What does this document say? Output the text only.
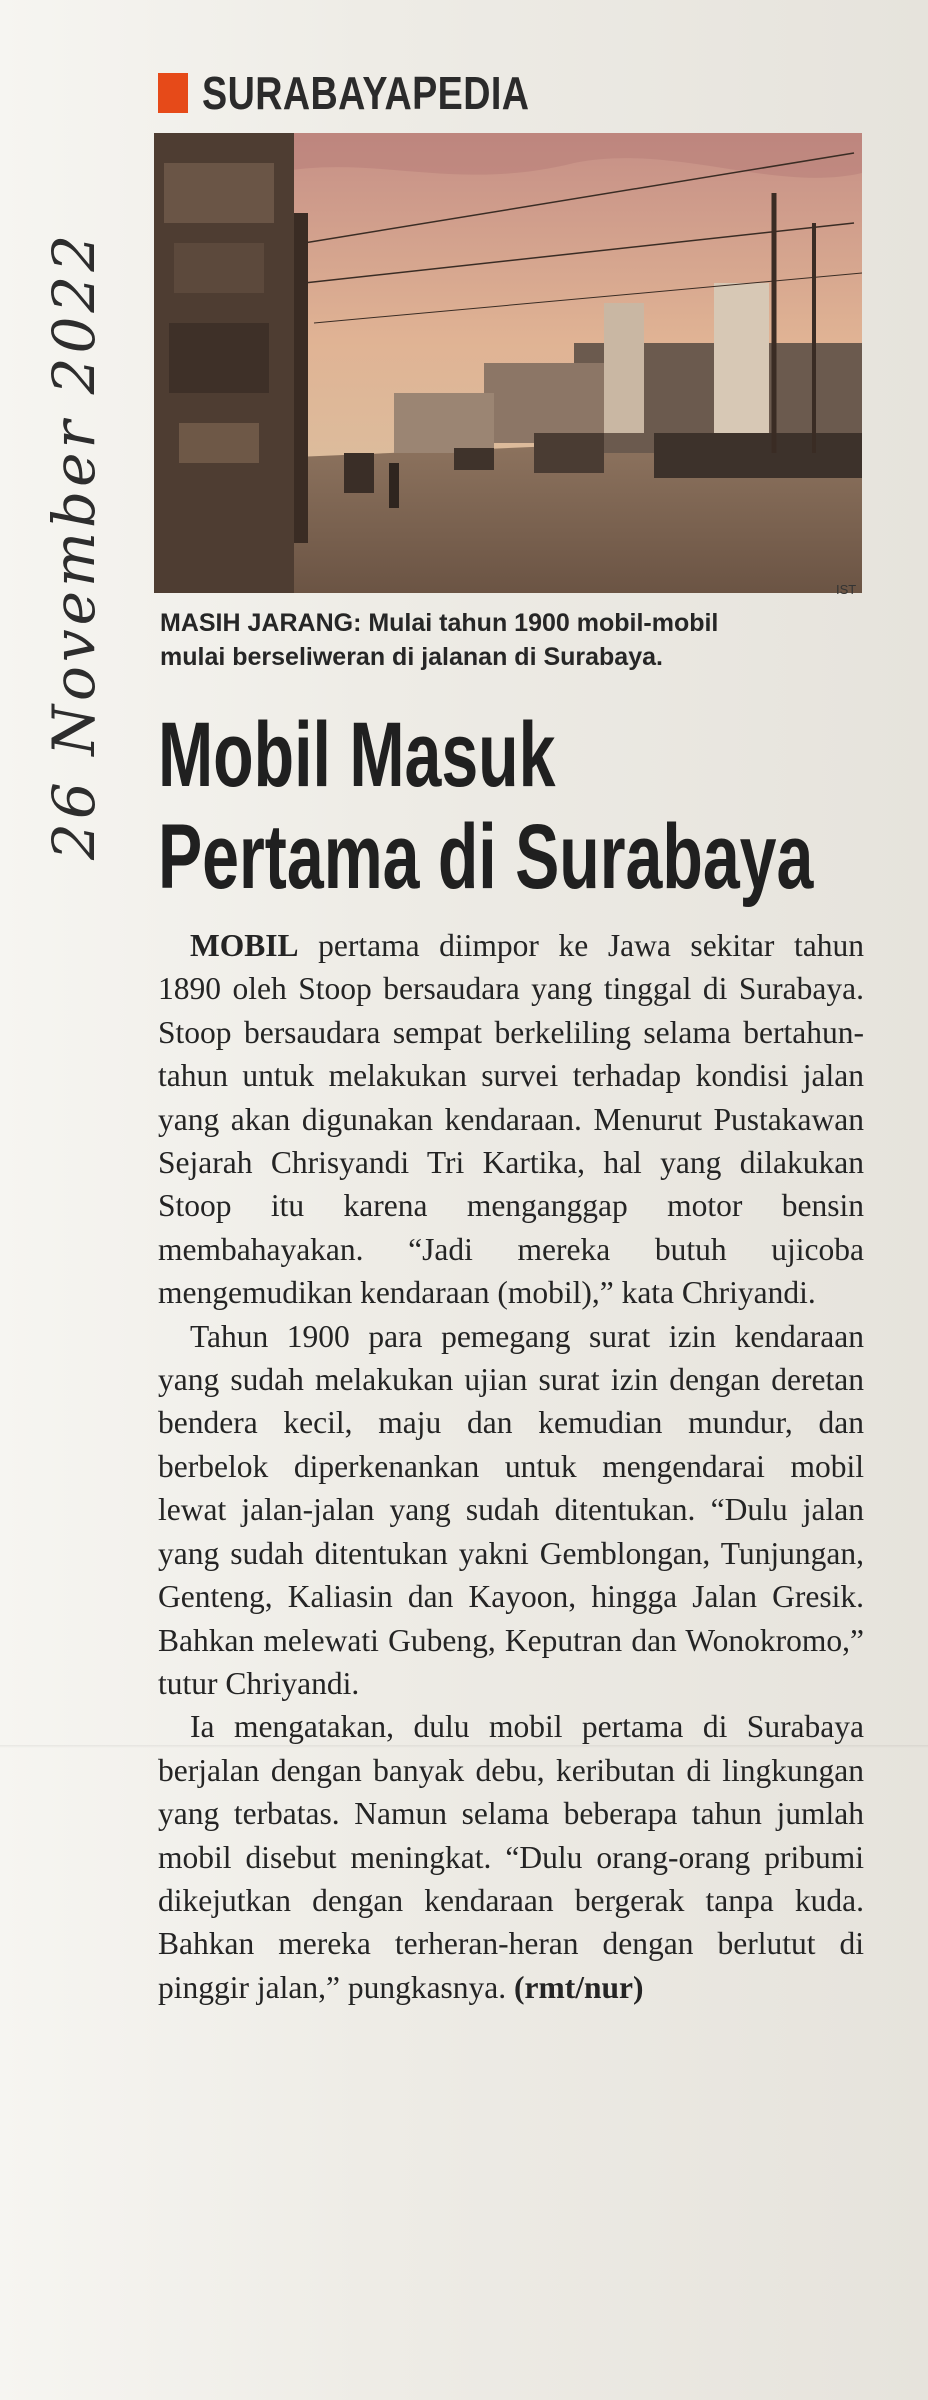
SURABAYAPEDIA
IST
MASIH JARANG: Mulai tahun 1900 mobil-mobil
mulai berseliweran di jalanan di Surabaya.
26 November 2022 Mobil Masuk
Pertama di Surabaya

MOBIL pertama diimpor ke Jawa sekitar tahun 1890 oleh Stoop bersaudara yang tinggal di Surabaya. Stoop bersaudara sempat berkeliling selama bertahun-tahun untuk melakukan survei terhadap kondisi jalan yang akan digunakan kendaraan. Menurut Pustakawan Sejarah Chrisyandi Tri Kartika, hal yang dilakukan Stoop itu karena menganggap motor bensin membahayakan. “Jadi mereka butuh ujicoba mengemudikan kendaraan (mobil),” kata Chriyandi.

Tahun 1900 para pemegang surat izin kendaraan yang sudah melakukan ujian surat izin dengan deretan bendera kecil, maju dan kemudian mundur, dan berbelok diperkenankan untuk mengendarai mobil lewat jalan-jalan yang sudah ditentukan. “Dulu jalan yang sudah ditentukan yakni Gemblongan, Tunjungan, Genteng, Kaliasin dan Kayoon, hingga Jalan Gresik. Bahkan melewati Gubeng, Keputran dan Wonokromo,” tutur Chriyandi.

Ia mengatakan, dulu mobil pertama di Surabaya berjalan dengan banyak debu, keributan di lingkungan yang terbatas. Namun selama beberapa tahun jumlah mobil disebut meningkat. “Dulu orang-orang pribumi dikejutkan dengan kendaraan bergerak tanpa kuda. Bahkan mereka terheran-heran dengan berlutut di pinggir jalan,” pungkasnya. (rmt/nur)
